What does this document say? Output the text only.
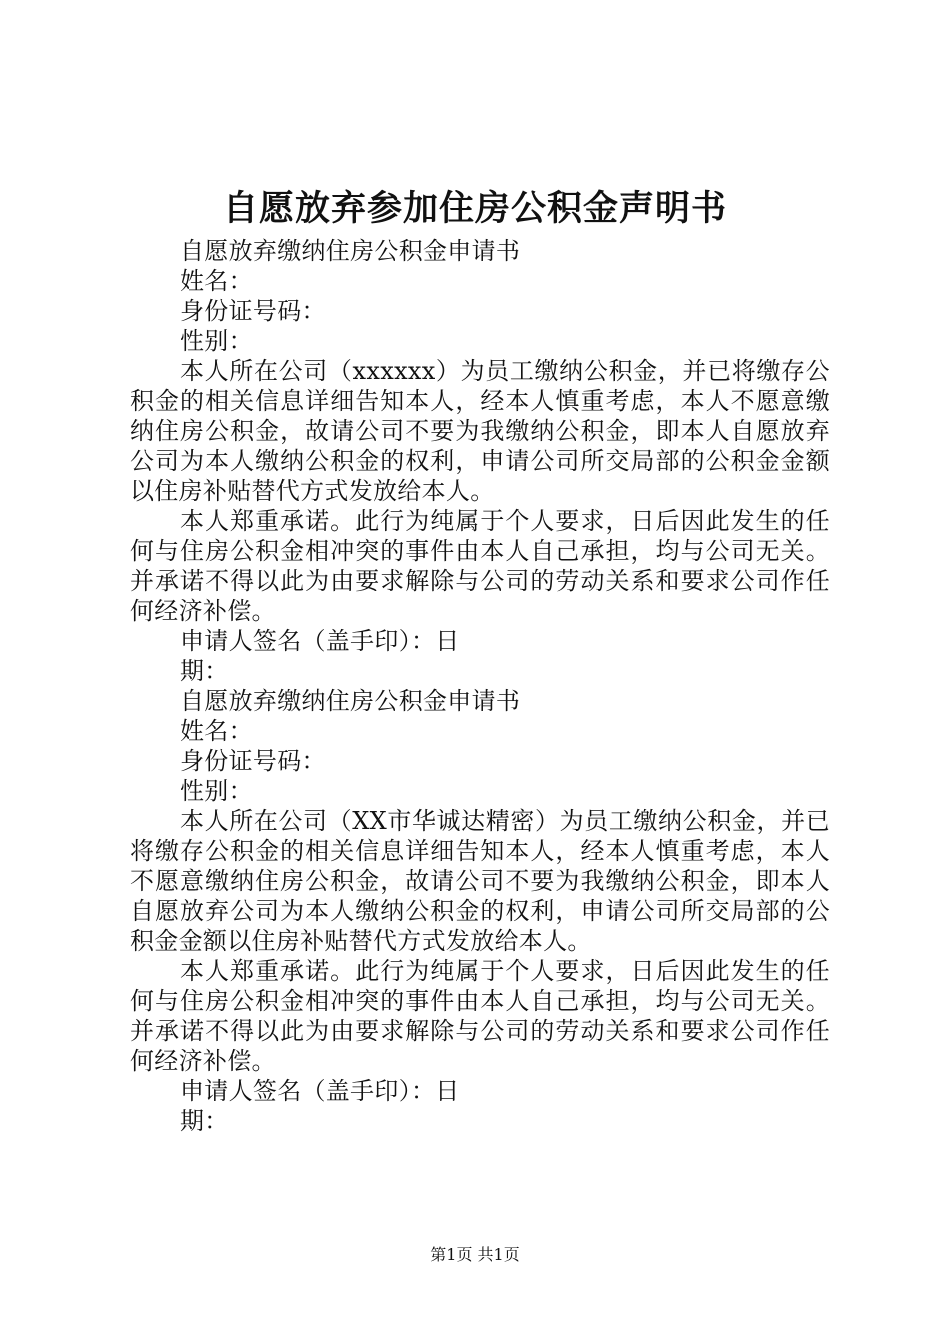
自愿放弃参加住房公积金声明书

自愿放弃缴纳住房公积金申请书

姓名：

身份证号码：

性别：

本人所在公司（xxxxxx）为员工缴纳公积金，并已将缴存公积金的相关信息详细告知本人，经本人慎重考虑，本人不愿意缴纳住房公积金，故请公司不要为我缴纳公积金，即本人自愿放弃公司为本人缴纳公积金的权利，申请公司所交局部的公积金金额以住房补贴替代方式发放给本人。

本人郑重承诺。此行为纯属于个人要求，日后因此发生的任何与住房公积金相冲突的事件由本人自己承担，均与公司无关。并承诺不得以此为由要求解除与公司的劳动关系和要求公司作任何经济补偿。

申请人签名（盖手印）：日

期：

自愿放弃缴纳住房公积金申请书

姓名：

身份证号码：

性别：

本人所在公司（XX市华诚达精密）为员工缴纳公积金，并已将缴存公积金的相关信息详细告知本人，经本人慎重考虑，本人不愿意缴纳住房公积金，故请公司不要为我缴纳公积金，即本人自愿放弃公司为本人缴纳公积金的权利，申请公司所交局部的公积金金额以住房补贴替代方式发放给本人。

本人郑重承诺。此行为纯属于个人要求，日后因此发生的任何与住房公积金相冲突的事件由本人自己承担，均与公司无关。并承诺不得以此为由要求解除与公司的劳动关系和要求公司作任何经济补偿。

申请人签名（盖手印）：日

期：

第1页 共1页
